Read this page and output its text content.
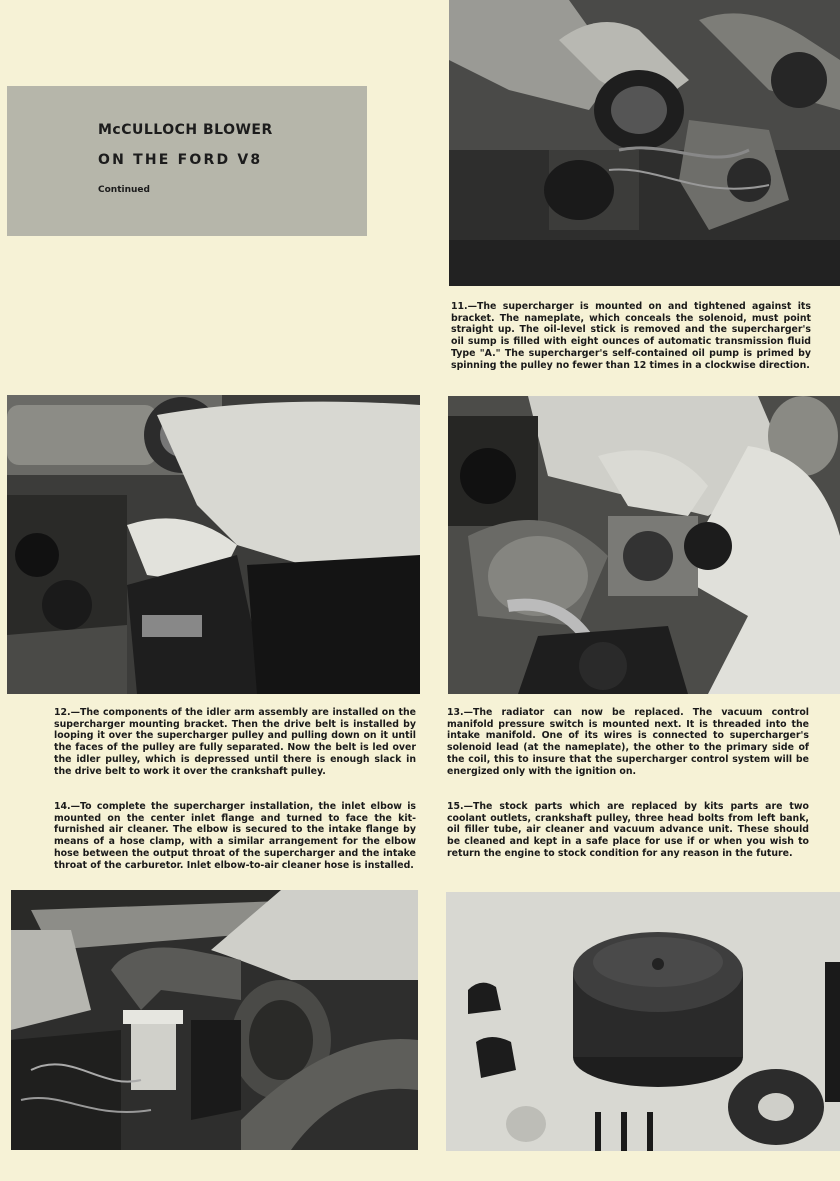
McCULLOCH BLOWER
ON THE FORD V8
Continued

11.—The supercharger is mounted on and tightened against its bracket. The nameplate, which conceals the solenoid, must point straight up. The oil-level stick is removed and the supercharger's oil sump is filled with eight ounces of automatic transmission fluid Type "A." The supercharger's self-contained oil pump is primed by spinning the pulley no fewer than 12 times in a clockwise direction.

12.—The components of the idler arm assembly are installed on the supercharger mounting bracket. Then the drive belt is installed by looping it over the supercharger pulley and pulling down on it until the faces of the pulley are fully separated. Now the belt is led over the idler pulley, which is depressed until there is enough slack in the drive belt to work it over the crankshaft pulley.

13.—The radiator can now be replaced. The vacuum control manifold pressure switch is mounted next. It is threaded into the intake manifold. One of its wires is connected to supercharger's solenoid lead (at the nameplate), the other to the primary side of the coil, this to insure that the supercharger control system will be energized only with the ignition on.

14.—To complete the supercharger installation, the inlet elbow is mounted on the center inlet flange and turned to face the kit-furnished air cleaner. The elbow is secured to the intake flange by means of a hose clamp, with a similar arrangement for the elbow hose between the output throat of the supercharger and the intake throat of the carburetor. Inlet elbow-to-air cleaner hose is installed.

15.—The stock parts which are replaced by kits parts are two coolant outlets, crankshaft pulley, three head bolts from left bank, oil filler tube, air cleaner and vacuum advance unit. These should be cleaned and kept in a safe place for use if or when you wish to return the engine to stock condition for any reason in the future.
